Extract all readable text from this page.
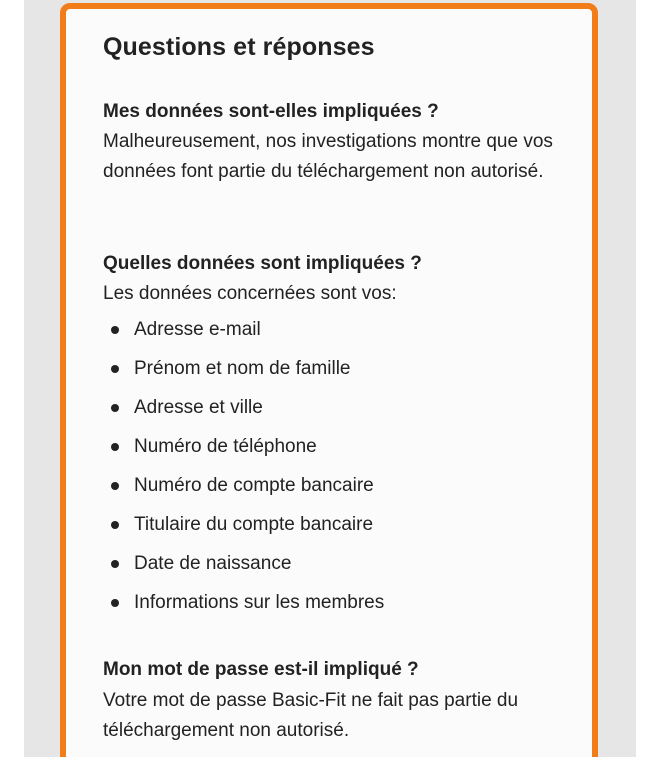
Questions et réponses
Mes données sont-elles impliquées ?
Malheureusement, nos investigations montre que vos données font partie du téléchargement non autorisé.
Quelles données sont impliquées ?
Les données concernées sont vos:
Adresse e-mail
Prénom et nom de famille
Adresse et ville
Numéro de téléphone
Numéro de compte bancaire
Titulaire du compte bancaire
Date de naissance
Informations sur les membres
Mon mot de passe est-il impliqué ?
Votre mot de passe Basic-Fit ne fait pas partie du téléchargement non autorisé.
